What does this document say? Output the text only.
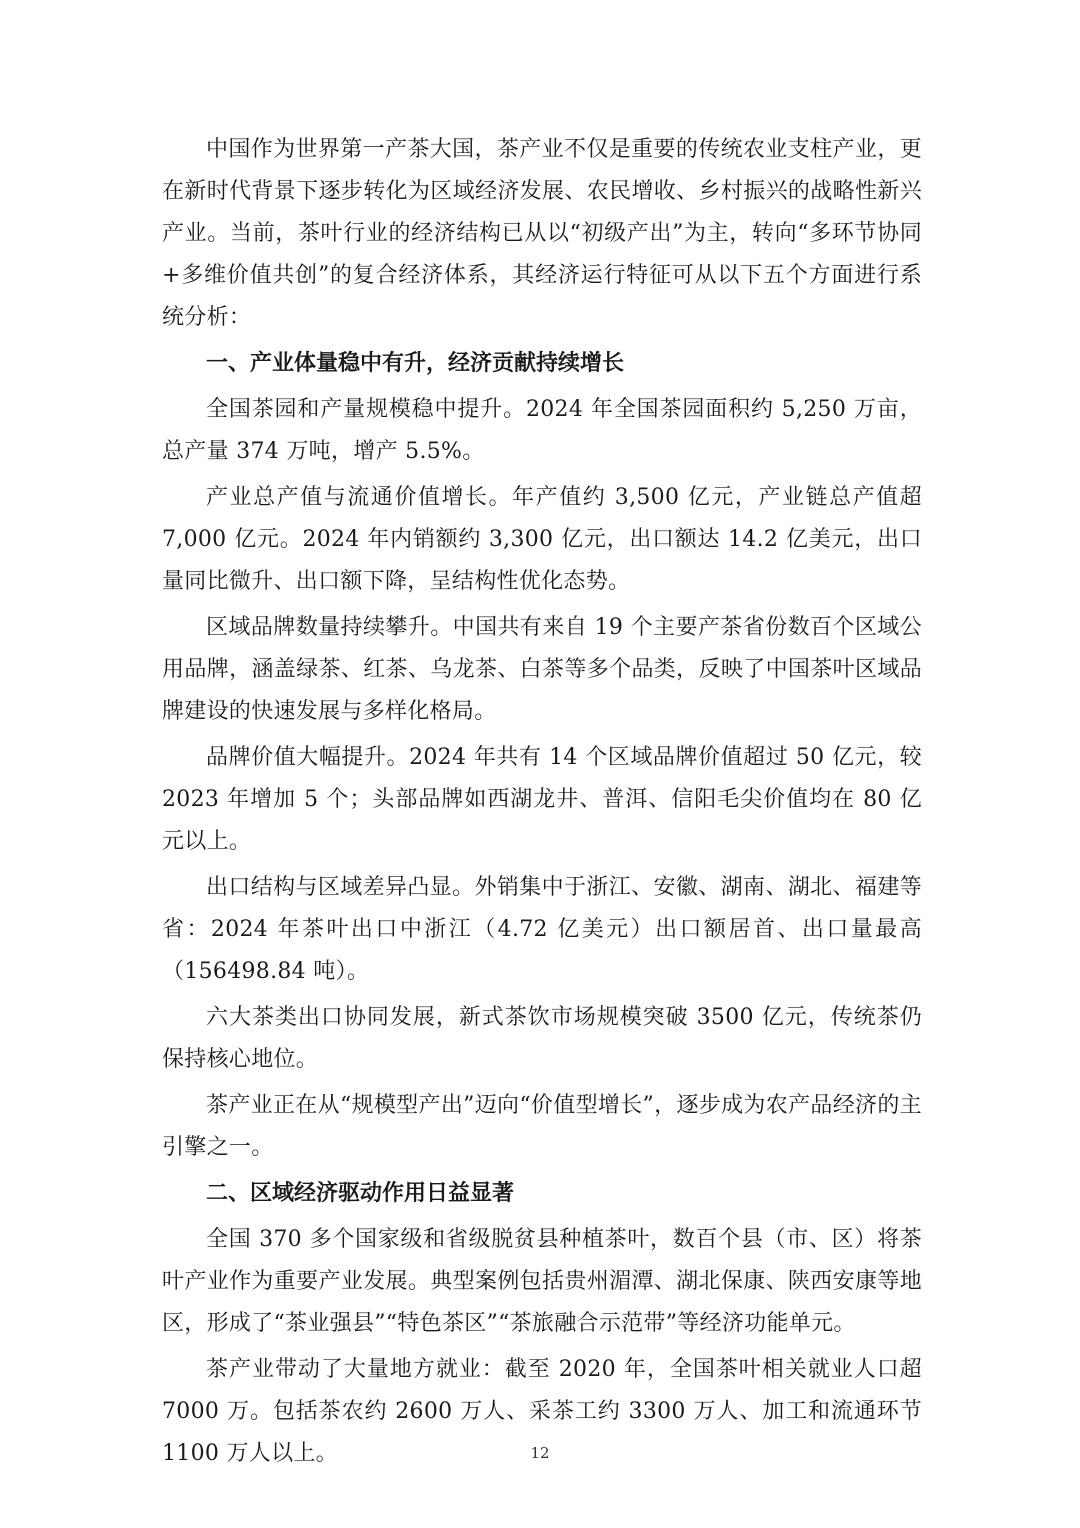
中国作为世界第一产茶大国，茶产业不仅是重要的传统农业支柱产业，更在新时代背景下逐步转化为区域经济发展、农民增收、乡村振兴的战略性新兴产业。当前，茶叶行业的经济结构已从以“初级产出”为主，转向“多环节协同+多维价值共创”的复合经济体系，其经济运行特征可从以下五个方面进行系统分析：

一、产业体量稳中有升，经济贡献持续增长

全国茶园和产量规模稳中提升。2024 年全国茶园面积约 5,250 万亩，总产量 374 万吨，增产 5.5%。

产业总产值与流通价值增长。年产值约 3,500 亿元，产业链总产值超 7,000 亿元。2024 年内销额约 3,300 亿元，出口额达 14.2 亿美元，出口量同比微升、出口额下降，呈结构性优化态势。

区域品牌数量持续攀升。中国共有来自 19 个主要产茶省份数百个区域公用品牌，涵盖绿茶、红茶、乌龙茶、白茶等多个品类，反映了中国茶叶区域品牌建设的快速发展与多样化格局。

品牌价值大幅提升。2024 年共有 14 个区域品牌价值超过 50 亿元，较 2023 年增加 5 个；头部品牌如西湖龙井、普洱、信阳毛尖价值均在 80 亿元以上。

出口结构与区域差异凸显。外销集中于浙江、安徽、湖南、湖北、福建等省：2024 年茶叶出口中浙江（4.72 亿美元）出口额居首、出口量最高（156498.84 吨）。

六大茶类出口协同发展，新式茶饮市场规模突破 3500 亿元，传统茶仍保持核心地位。

茶产业正在从“规模型产出”迈向“价值型增长”，逐步成为农产品经济的主引擎之一。

二、区域经济驱动作用日益显著

全国 370 多个国家级和省级脱贫县种植茶叶，数百个县（市、区）将茶叶产业作为重要产业发展。典型案例包括贵州湄潭、湖北保康、陕西安康等地区，形成了“茶业强县”“特色茶区”“茶旅融合示范带”等经济功能单元。

茶产业带动了大量地方就业：截至 2020 年，全国茶叶相关就业人口超 7000 万。包括茶农约 2600 万人、采茶工约 3300 万人、加工和流通环节 1100 万人以上。	12
